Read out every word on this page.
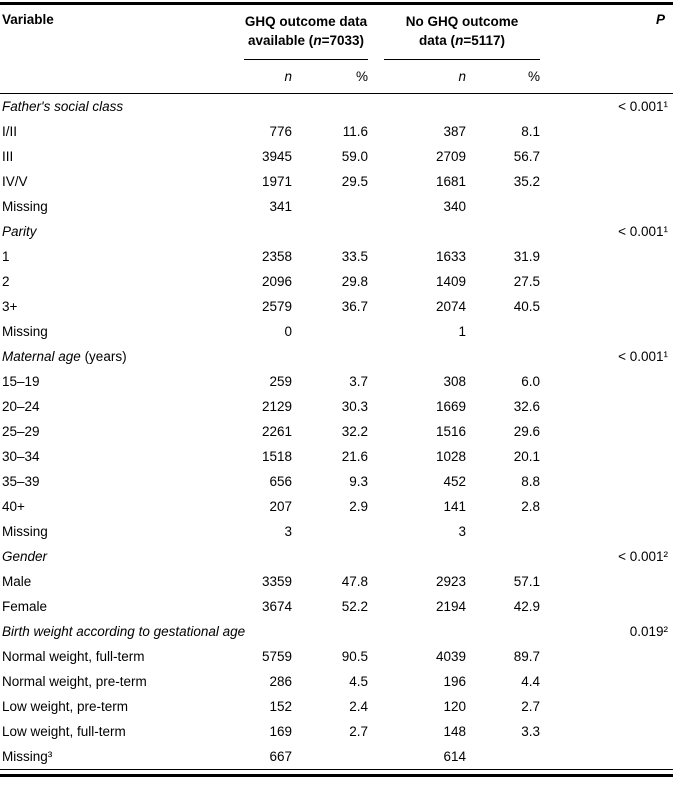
Variable	GHQ outcome data
available (n=7033)		No GHQ outcome
data (n=5117)		P
	n	%	n	%	
Father's social class					< 0.001¹
I/II	776	11.6	387	8.1	
III	3945	59.0	2709	56.7	
IV/V	1971	29.5	1681	35.2	
Missing	341		340		
Parity					< 0.001¹
1	2358	33.5	1633	31.9	
2	2096	29.8	1409	27.5	
3+	2579	36.7	2074	40.5	
Missing	0		1		
Maternal age (years)					< 0.001¹
15–19	259	3.7	308	6.0	
20–24	2129	30.3	1669	32.6	
25–29	2261	32.2	1516	29.6	
30–34	1518	21.6	1028	20.1	
35–39	656	9.3	452	8.8	
40+	207	2.9	141	2.8	
Missing	3		3		
Gender					< 0.001²
Male	3359	47.8	2923	57.1	
Female	3674	52.2	2194	42.9	
Birth weight according to gestational age					0.019²
Normal weight, full-term	5759	90.5	4039	89.7	
Normal weight, pre-term	286	4.5	196	4.4	
Low weight, pre-term	152	2.4	120	2.7	
Low weight, full-term	169	2.7	148	3.3	
Missing³	667		614		
